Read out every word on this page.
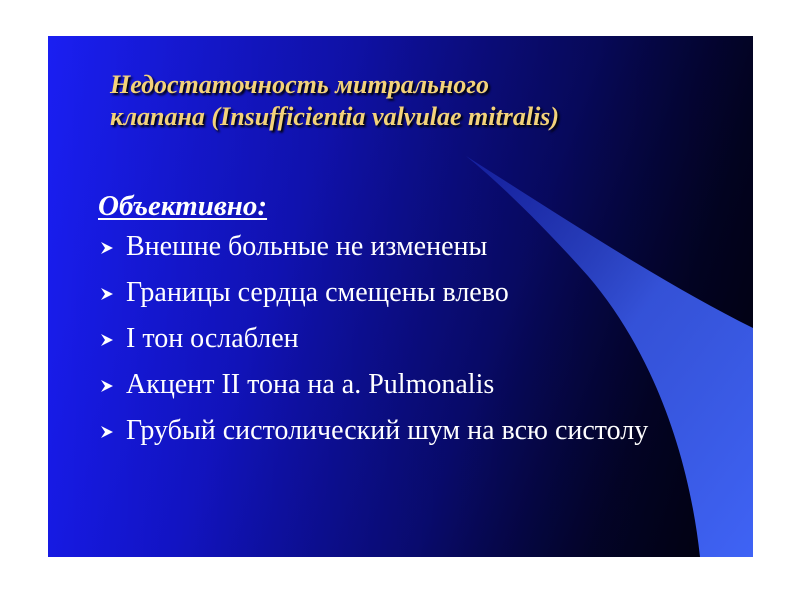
Недостаточность митрального
клапана (Insufficientia valvulae mitralis)
Объективно:
Внешне больные не изменены
Границы сердца смещены влево
I тон ослаблен
Акцент II тона на a. Pulmonalis
Грубый систолический шум на всю систолу
